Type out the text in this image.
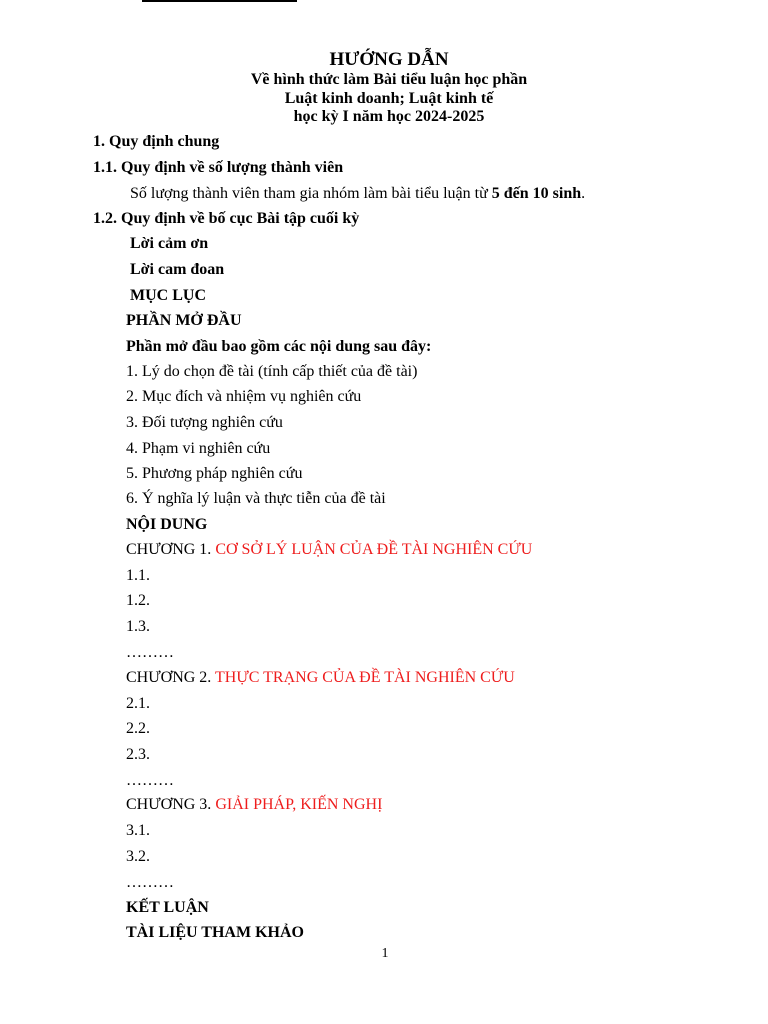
HƯỚNG DẪN
Về hình thức làm Bài tiểu luận học phần
Luật kinh doanh; Luật kinh tế
học kỳ I năm học 2024-2025
1. Quy định chung
1.1. Quy định về số lượng thành viên
Số lượng thành viên tham gia nhóm làm bài tiểu luận từ 5 đến 10 sinh.
1.2. Quy định về bố cục Bài tập cuối kỳ
Lời cảm ơn
Lời cam đoan
MỤC LỤC
PHẦN MỞ ĐẦU
Phần mở đầu bao gồm các nội dung sau đây:
1. Lý do chọn đề tài (tính cấp thiết của đề tài)
2. Mục đích và nhiệm vụ nghiên cứu
3. Đối tượng nghiên cứu
4. Phạm vi nghiên cứu
5. Phương pháp nghiên cứu
6. Ý nghĩa lý luận và thực tiễn của đề tài
NỘI DUNG
CHƯƠNG 1. CƠ SỞ LÝ LUẬN CỦA ĐỀ TÀI NGHIÊN CỨU
1.1.
1.2.
1.3.
………
CHƯƠNG 2. THỰC TRẠNG CỦA ĐỀ TÀI NGHIÊN CỨU
2.1.
2.2.
2.3.
………
CHƯƠNG 3. GIẢI PHÁP, KIẾN NGHỊ
3.1.
3.2.
………
KẾT LUẬN
TÀI LIỆU THAM KHẢO
1
